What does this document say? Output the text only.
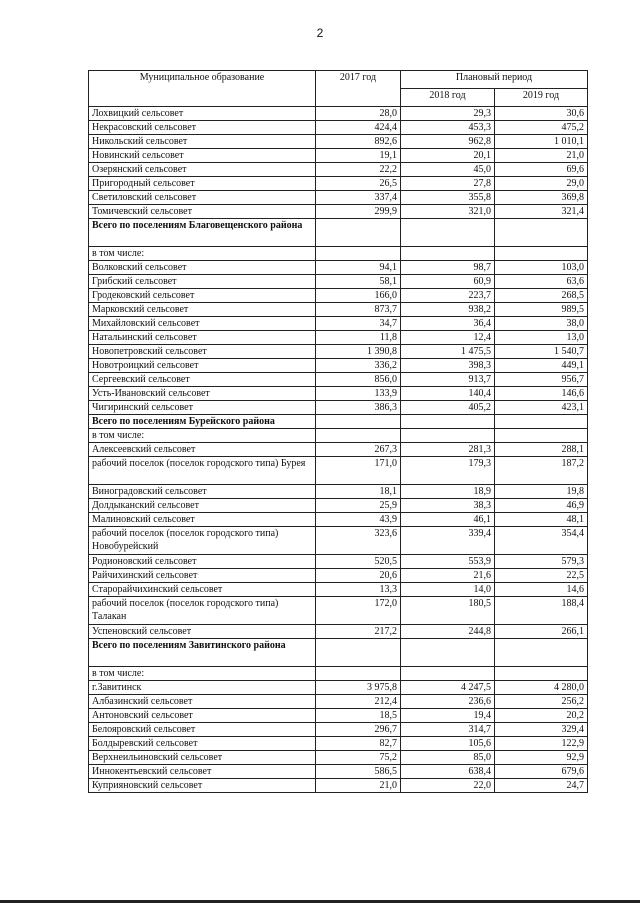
2
Муниципальное образование	2017 год	Плановый период	
		2018 год	2019 год
Лохвицкий сельсовет	28,0	29,3	30,6
Некрасовский сельсовет	424,4	453,3	475,2
Никольский сельсовет	892,6	962,8	1 010,1
Новинский сельсовет	19,1	20,1	21,0
Озерянский сельсовет	22,2	45,0	69,6
Пригородный сельсовет	26,5	27,8	29,0
Светиловский сельсовет	337,4	355,8	369,8
Томичевский сельсовет	299,9	321,0	321,4
Всего по поселениям Благовещенского района			
в том числе:			
Волковский сельсовет	94,1	98,7	103,0
Грибский сельсовет	58,1	60,9	63,6
Гродековский сельсовет	166,0	223,7	268,5
Марковский сельсовет	873,7	938,2	989,5
Михайловский сельсовет	34,7	36,4	38,0
Натальинский сельсовет	11,8	12,4	13,0
Новопетровский сельсовет	1 390,8	1 475,5	1 540,7
Новотроицкий сельсовет	336,2	398,3	449,1
Сергеевский сельсовет	856,0	913,7	956,7
Усть-Ивановский сельсовет	133,9	140,4	146,6
Чигиринский сельсовет	386,3	405,2	423,1
Всего по поселениям Бурейского района			
в том числе:			
Алексеевский сельсовет	267,3	281,3	288,1
рабочий поселок (поселок городского типа) Бурея	171,0	179,3	187,2
Виноградовский сельсовет	18,1	18,9	19,8
Долдыканский сельсовет	25,9	38,3	46,9
Малиновский сельсовет	43,9	46,1	48,1
рабочий поселок (поселок городского типа) Новобурейский	323,6	339,4	354,4
Родионовский сельсовет	520,5	553,9	579,3
Райчихинский сельсовет	20,6	21,6	22,5
Старорайчихинский сельсовет	13,3	14,0	14,6
рабочий поселок (поселок городского типа) Талакан	172,0	180,5	188,4
Успеновский сельсовет	217,2	244,8	266,1
Всего по поселениям Завитинского района			
в том числе:			
г.Завитинск	3 975,8	4 247,5	4 280,0
Албазинский сельсовет	212,4	236,6	256,2
Антоновский сельсовет	18,5	19,4	20,2
Белояровский сельсовет	296,7	314,7	329,4
Болдыревский сельсовет	82,7	105,6	122,9
Верхнеильиновский сельсовет	75,2	85,0	92,9
Иннокентьевский сельсовет	586,5	638,4	679,6
Куприяновский сельсовет	21,0	22,0	24,7
